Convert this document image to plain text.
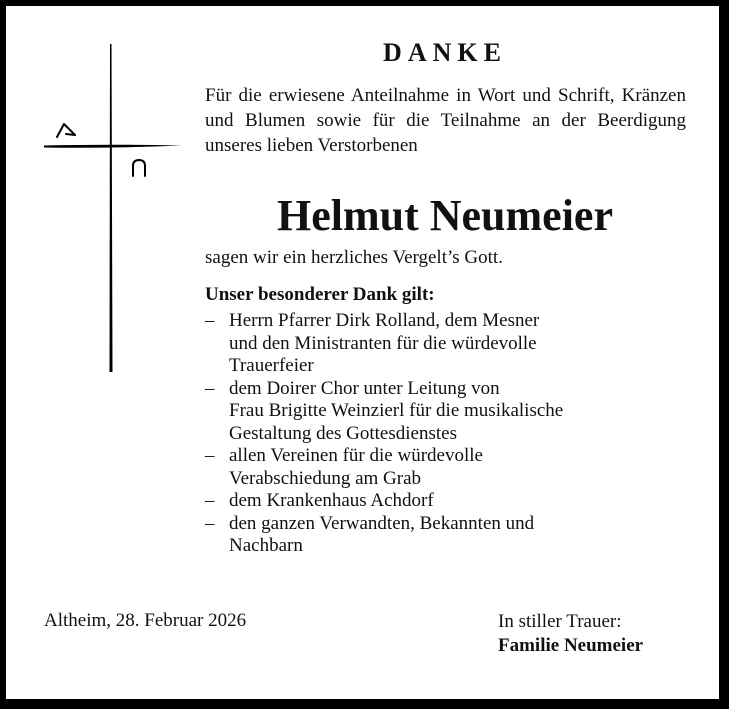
DANKE
Für die erwiesene Anteilnahme in Wort und Schrift, Kränzen und Blumen sowie für die Teilnahme an der Beerdigung unseres lieben Verstorbenen
Helmut Neumeier
sagen wir ein herzliches Vergelt’s Gott.
Unser besonderer Dank gilt:
– Herrn Pfarrer Dirk Rolland, dem Mesner
und den Ministranten für die würdevolle
Trauerfeier
– dem Doirer Chor unter Leitung von
Frau Brigitte Weinzierl für die musikalische
Gestaltung des Gottesdienstes
– allen Vereinen für die würdevolle
Verabschiedung am Grab
– dem Krankenhaus Achdorf
– den ganzen Verwandten, Bekannten und
Nachbarn
Altheim, 28. Februar 2026	In stiller Trauer:
Familie Neumeier
